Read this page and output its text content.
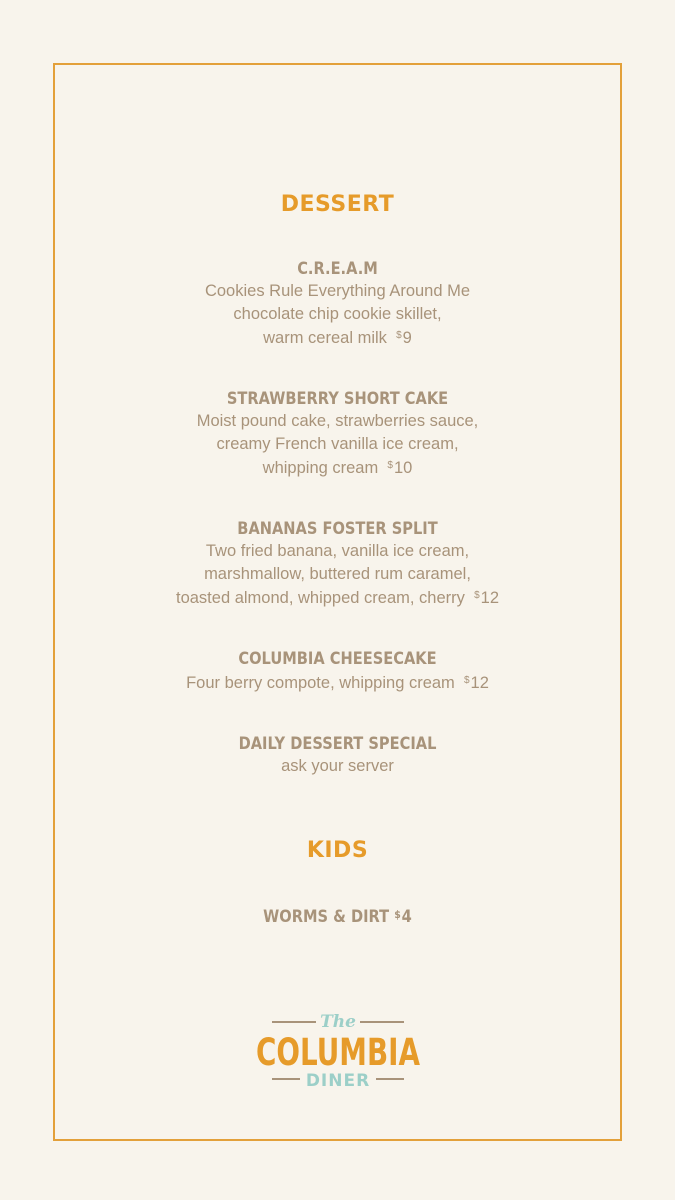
DESSERT
C.R.E.A.M
Cookies Rule Everything Around Me
chocolate chip cookie skillet,
warm cereal milk $9
STRAWBERRY SHORT CAKE
Moist pound cake, strawberries sauce,
creamy French vanilla ice cream,
whipping cream $10
BANANAS FOSTER SPLIT
Two fried banana, vanilla ice cream,
marshmallow, buttered rum caramel,
toasted almond, whipped cream, cherry $12
COLUMBIA CHEESECAKE
Four berry compote, whipping cream $12
DAILY DESSERT SPECIAL
ask your server
KIDS
WORMS & DIRT $4
The
COLUMBIA
DINER
